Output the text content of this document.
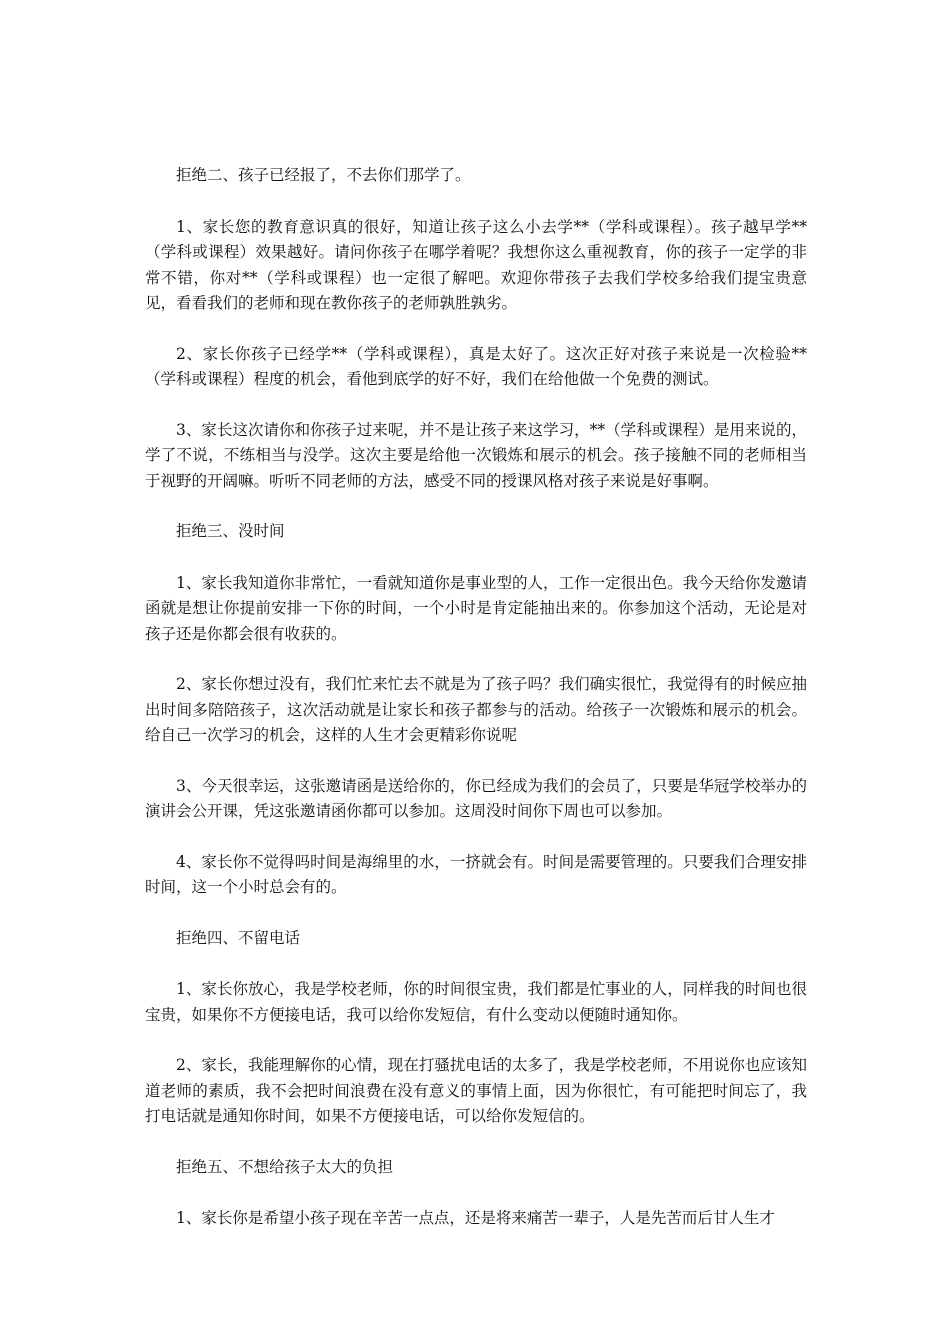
拒绝二、孩子已经报了，不去你们那学了。

1、家长您的教育意识真的很好，知道让孩子这么小去学**（学科或课程）。孩子越早学**（学科或课程）效果越好。请问你孩子在哪学着呢？我想你这么重视教育，你的孩子一定学的非常不错，你对**（学科或课程）也一定很了解吧。欢迎你带孩子去我们学校多给我们提宝贵意见，看看我们的老师和现在教你孩子的老师孰胜孰劣。

2、家长你孩子已经学**（学科或课程），真是太好了。这次正好对孩子来说是一次检验**（学科或课程）程度的机会，看他到底学的好不好，我们在给他做一个免费的测试。

3、家长这次请你和你孩子过来呢，并不是让孩子来这学习，**（学科或课程）是用来说的，学了不说，不练相当与没学。这次主要是给他一次锻炼和展示的机会。孩子接触不同的老师相当于视野的开阔嘛。听听不同老师的方法，感受不同的授课风格对孩子来说是好事啊。

拒绝三、没时间

1、家长我知道你非常忙，一看就知道你是事业型的人，工作一定很出色。我今天给你发邀请函就是想让你提前安排一下你的时间，一个小时是肯定能抽出来的。你参加这个活动，无论是对孩子还是你都会很有收获的。

2、家长你想过没有，我们忙来忙去不就是为了孩子吗？我们确实很忙，我觉得有的时候应抽出时间多陪陪孩子，这次活动就是让家长和孩子都参与的活动。给孩子一次锻炼和展示的机会。给自己一次学习的机会，这样的人生才会更精彩你说呢

3、今天很幸运，这张邀请函是送给你的，你已经成为我们的会员了，只要是华冠学校举办的演讲会公开课，凭这张邀请函你都可以参加。这周没时间你下周也可以参加。

4、家长你不觉得吗时间是海绵里的水，一挤就会有。时间是需要管理的。只要我们合理安排时间，这一个小时总会有的。

拒绝四、不留电话

1、家长你放心，我是学校老师，你的时间很宝贵，我们都是忙事业的人，同样我的时间也很宝贵，如果你不方便接电话，我可以给你发短信，有什么变动以便随时通知你。

2、家长，我能理解你的心情，现在打骚扰电话的太多了，我是学校老师，不用说你也应该知道老师的素质，我不会把时间浪费在没有意义的事情上面，因为你很忙，有可能把时间忘了，我打电话就是通知你时间，如果不方便接电话，可以给你发短信的。

拒绝五、不想给孩子太大的负担

1、家长你是希望小孩子现在辛苦一点点，还是将来痛苦一辈子，人是先苦而后甘人生才
